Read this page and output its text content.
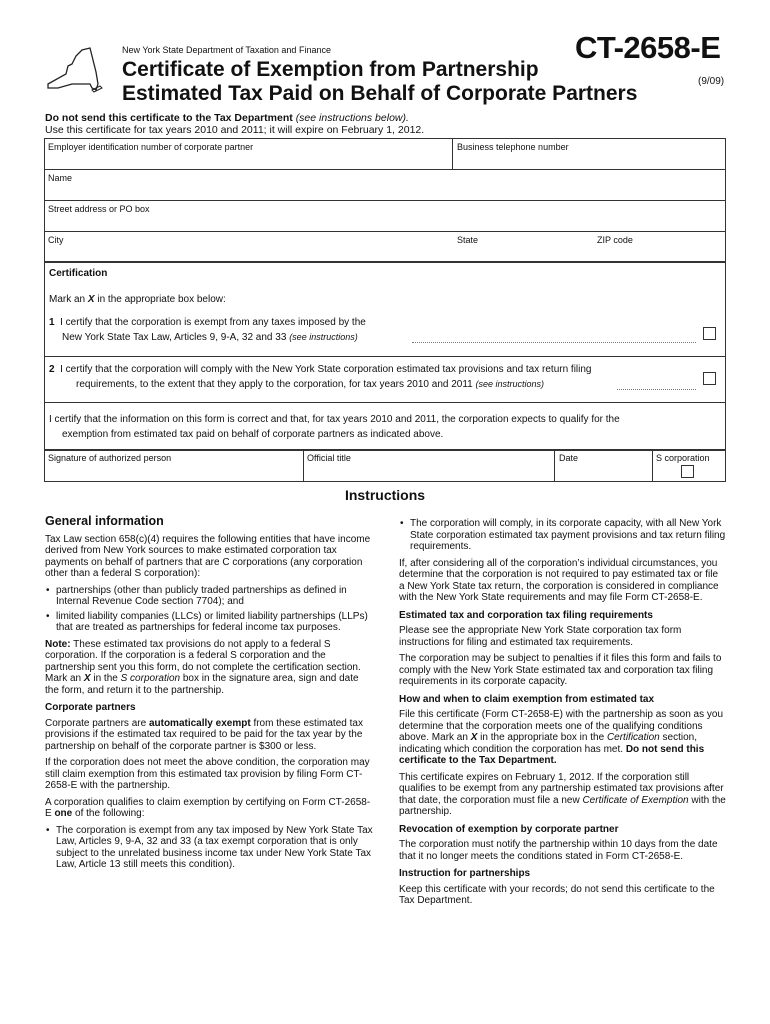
New York State Department of Taxation and Finance
Certificate of Exemption from Partnership
Estimated Tax Paid on Behalf of Corporate Partners
CT-2658-E
(9/09)
Do not send this certificate to the Tax Department (see instructions below).
Use this certificate for tax years 2010 and 2011; it will expire on February 1, 2012.
Employer identification number of corporate partner	Business telephone number
Name
Street address or PO box
City	State	ZIP code
Certification
Mark an X in the appropriate box below:
1 I certify that the corporation is exempt from any taxes imposed by the
New York State Tax Law, Articles 9, 9-A, 32 and 33 (see instructions)
2 I certify that the corporation will comply with the New York State corporation estimated tax provisions and tax return filing
requirements, to the extent that they apply to the corporation, for tax years 2010 and 2011 (see instructions)
I certify that the information on this form is correct and that, for tax years 2010 and 2011, the corporation expects to qualify for the
exemption from estimated tax paid on behalf of corporate partners as indicated above.
Signature of authorized person	Official title	Date	S corporation
Instructions
General information

Tax Law section 658(c)(4) requires the following entities that have income derived from New York sources to make estimated corporation tax payments on behalf of partners that are C corporations (any corporation other than a federal S corporation):

• partnerships (other than publicly traded partnerships as defined in Internal Revenue Code section 7704); and
• limited liability companies (LLCs) or limited liability partnerships (LLPs) that are treated as partnerships for federal income tax purposes.

Note: These estimated tax provisions do not apply to a federal S corporation. If the corporation is a federal S corporation and the partnership sent you this form, do not complete the certification section. Mark an X in the S corporation box in the signature area, sign and date the form, and return it to the partnership.

Corporate partners

Corporate partners are automatically exempt from these estimated tax provisions if the estimated tax required to be paid for the tax year by the partnership on behalf of the corporate partner is $300 or less.

If the corporation does not meet the above condition, the corporation may still claim exemption from this estimated tax provision by filing Form CT-2658-E with the partnership.

A corporation qualifies to claim exemption by certifying on Form CT-2658-E one of the following:

• The corporation is exempt from any tax imposed by New York State Tax Law, Articles 9, 9-A, 32 and 33 (a tax exempt corporation that is only subject to the unrelated business income tax under New York State Tax Law, Article 13 still meets this condition).
• The corporation will comply, in its corporate capacity, with all New York State corporation estimated tax payment provisions and tax return filing requirements.

If, after considering all of the corporation’s individual circumstances, you determine that the corporation is not required to pay estimated tax or file a New York State tax return, the corporation is considered in compliance with the New York State requirements and may file Form CT-2658-E.

Estimated tax and corporation tax filing requirements

Please see the appropriate New York State corporation tax form instructions for filing and estimated tax requirements.

The corporation may be subject to penalties if it files this form and fails to comply with the New York State estimated tax and corporation tax filing requirements in its corporate capacity.

How and when to claim exemption from estimated tax

File this certificate (Form CT-2658-E) with the partnership as soon as you determine that the corporation meets one of the qualifying conditions above. Mark an X in the appropriate box in the Certification section, indicating which condition the corporation has met. Do not send this certificate to the Tax Department.

This certificate expires on February 1, 2012. If the corporation still qualifies to be exempt from any partnership estimated tax provisions after that date, the corporation must file a new Certificate of Exemption with the partnership.

Revocation of exemption by corporate partner

The corporation must notify the partnership within 10 days from the date that it no longer meets the conditions stated in Form CT-2658-E.

Instruction for partnerships

Keep this certificate with your records; do not send this certificate to the Tax Department.
